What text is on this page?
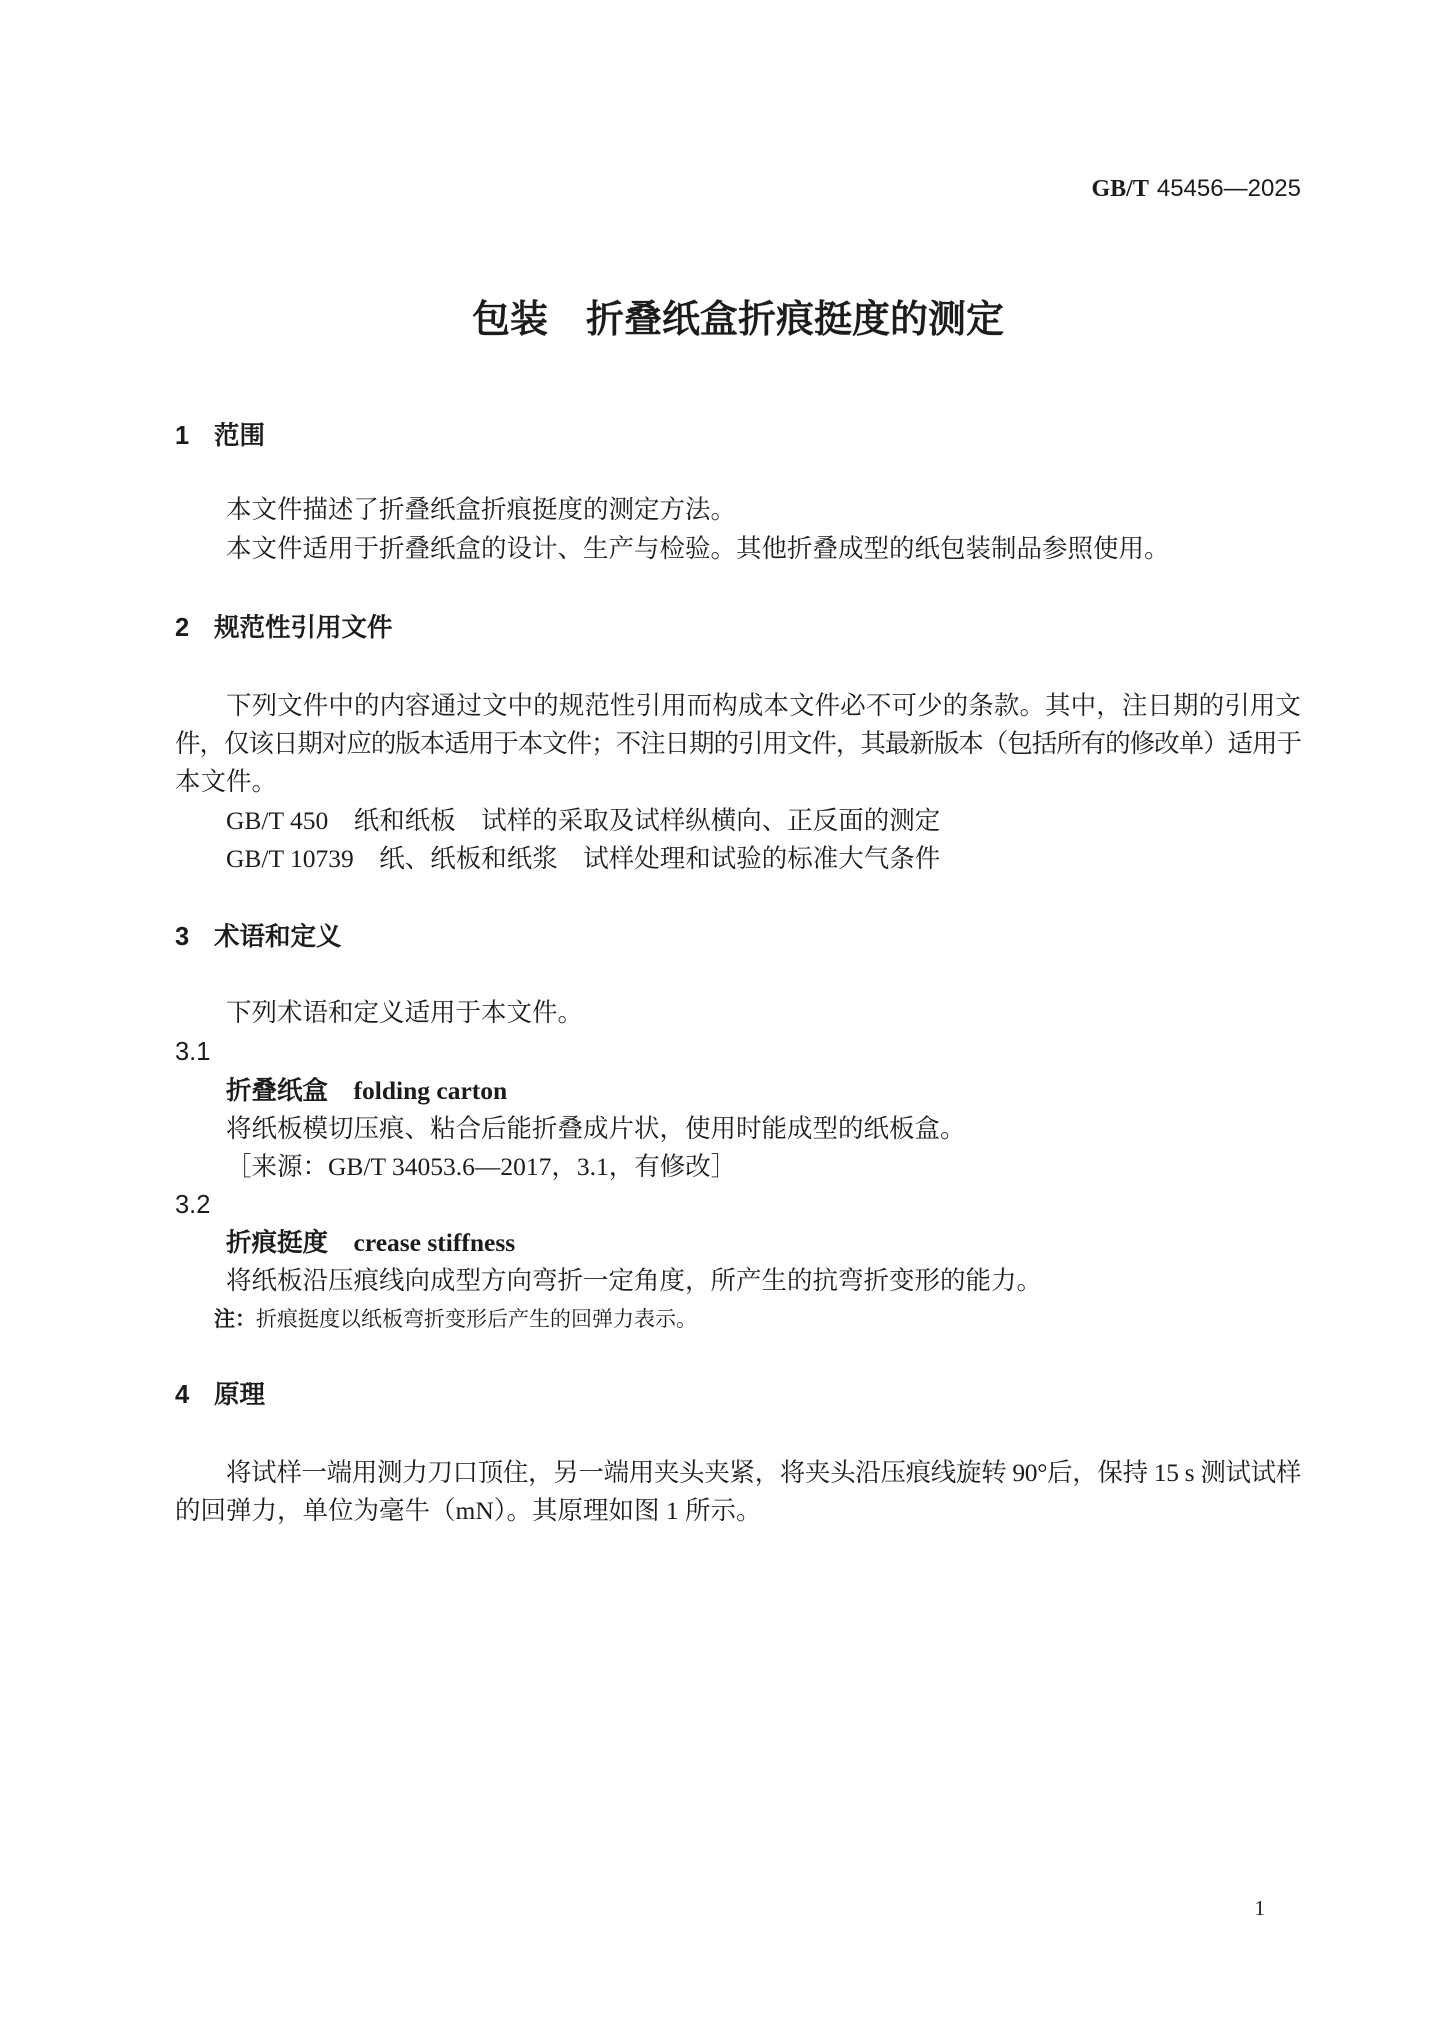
GB/T 45456—2025
包装　折叠纸盒折痕挺度的测定
1 范围
本文件描述了折叠纸盒折痕挺度的测定方法。
本文件适用于折叠纸盒的设计、生产与检验。其他折叠成型的纸包装制品参照使用。
2 规范性引用文件
下列文件中的内容通过文中的规范性引用而构成本文件必不可少的条款。其中，注日期的引用文
件，仅该日期对应的版本适用于本文件；不注日期的引用文件，其最新版本（包括所有的修改单）适用于
本文件。
GB/T 450 纸和纸板　试样的采取及试样纵横向、正反面的测定
GB/T 10739 纸、纸板和纸浆　试样处理和试验的标准大气条件
3 术语和定义
下列术语和定义适用于本文件。
3.1
折叠纸盒 folding carton
将纸板模切压痕、粘合后能折叠成片状，使用时能成型的纸板盒。
［来源：GB/T 34053.6—2017，3.1，有修改］
3.2
折痕挺度 crease stiffness
将纸板沿压痕线向成型方向弯折一定角度，所产生的抗弯折变形的能力。
注：折痕挺度以纸板弯折变形后产生的回弹力表示。
4 原理
将试样一端用测力刀口顶住，另一端用夹头夹紧，将夹头沿压痕线旋转 90°后，保持 15 s 测试试样
的回弹力，单位为毫牛（mN）。其原理如图 1 所示。
1
